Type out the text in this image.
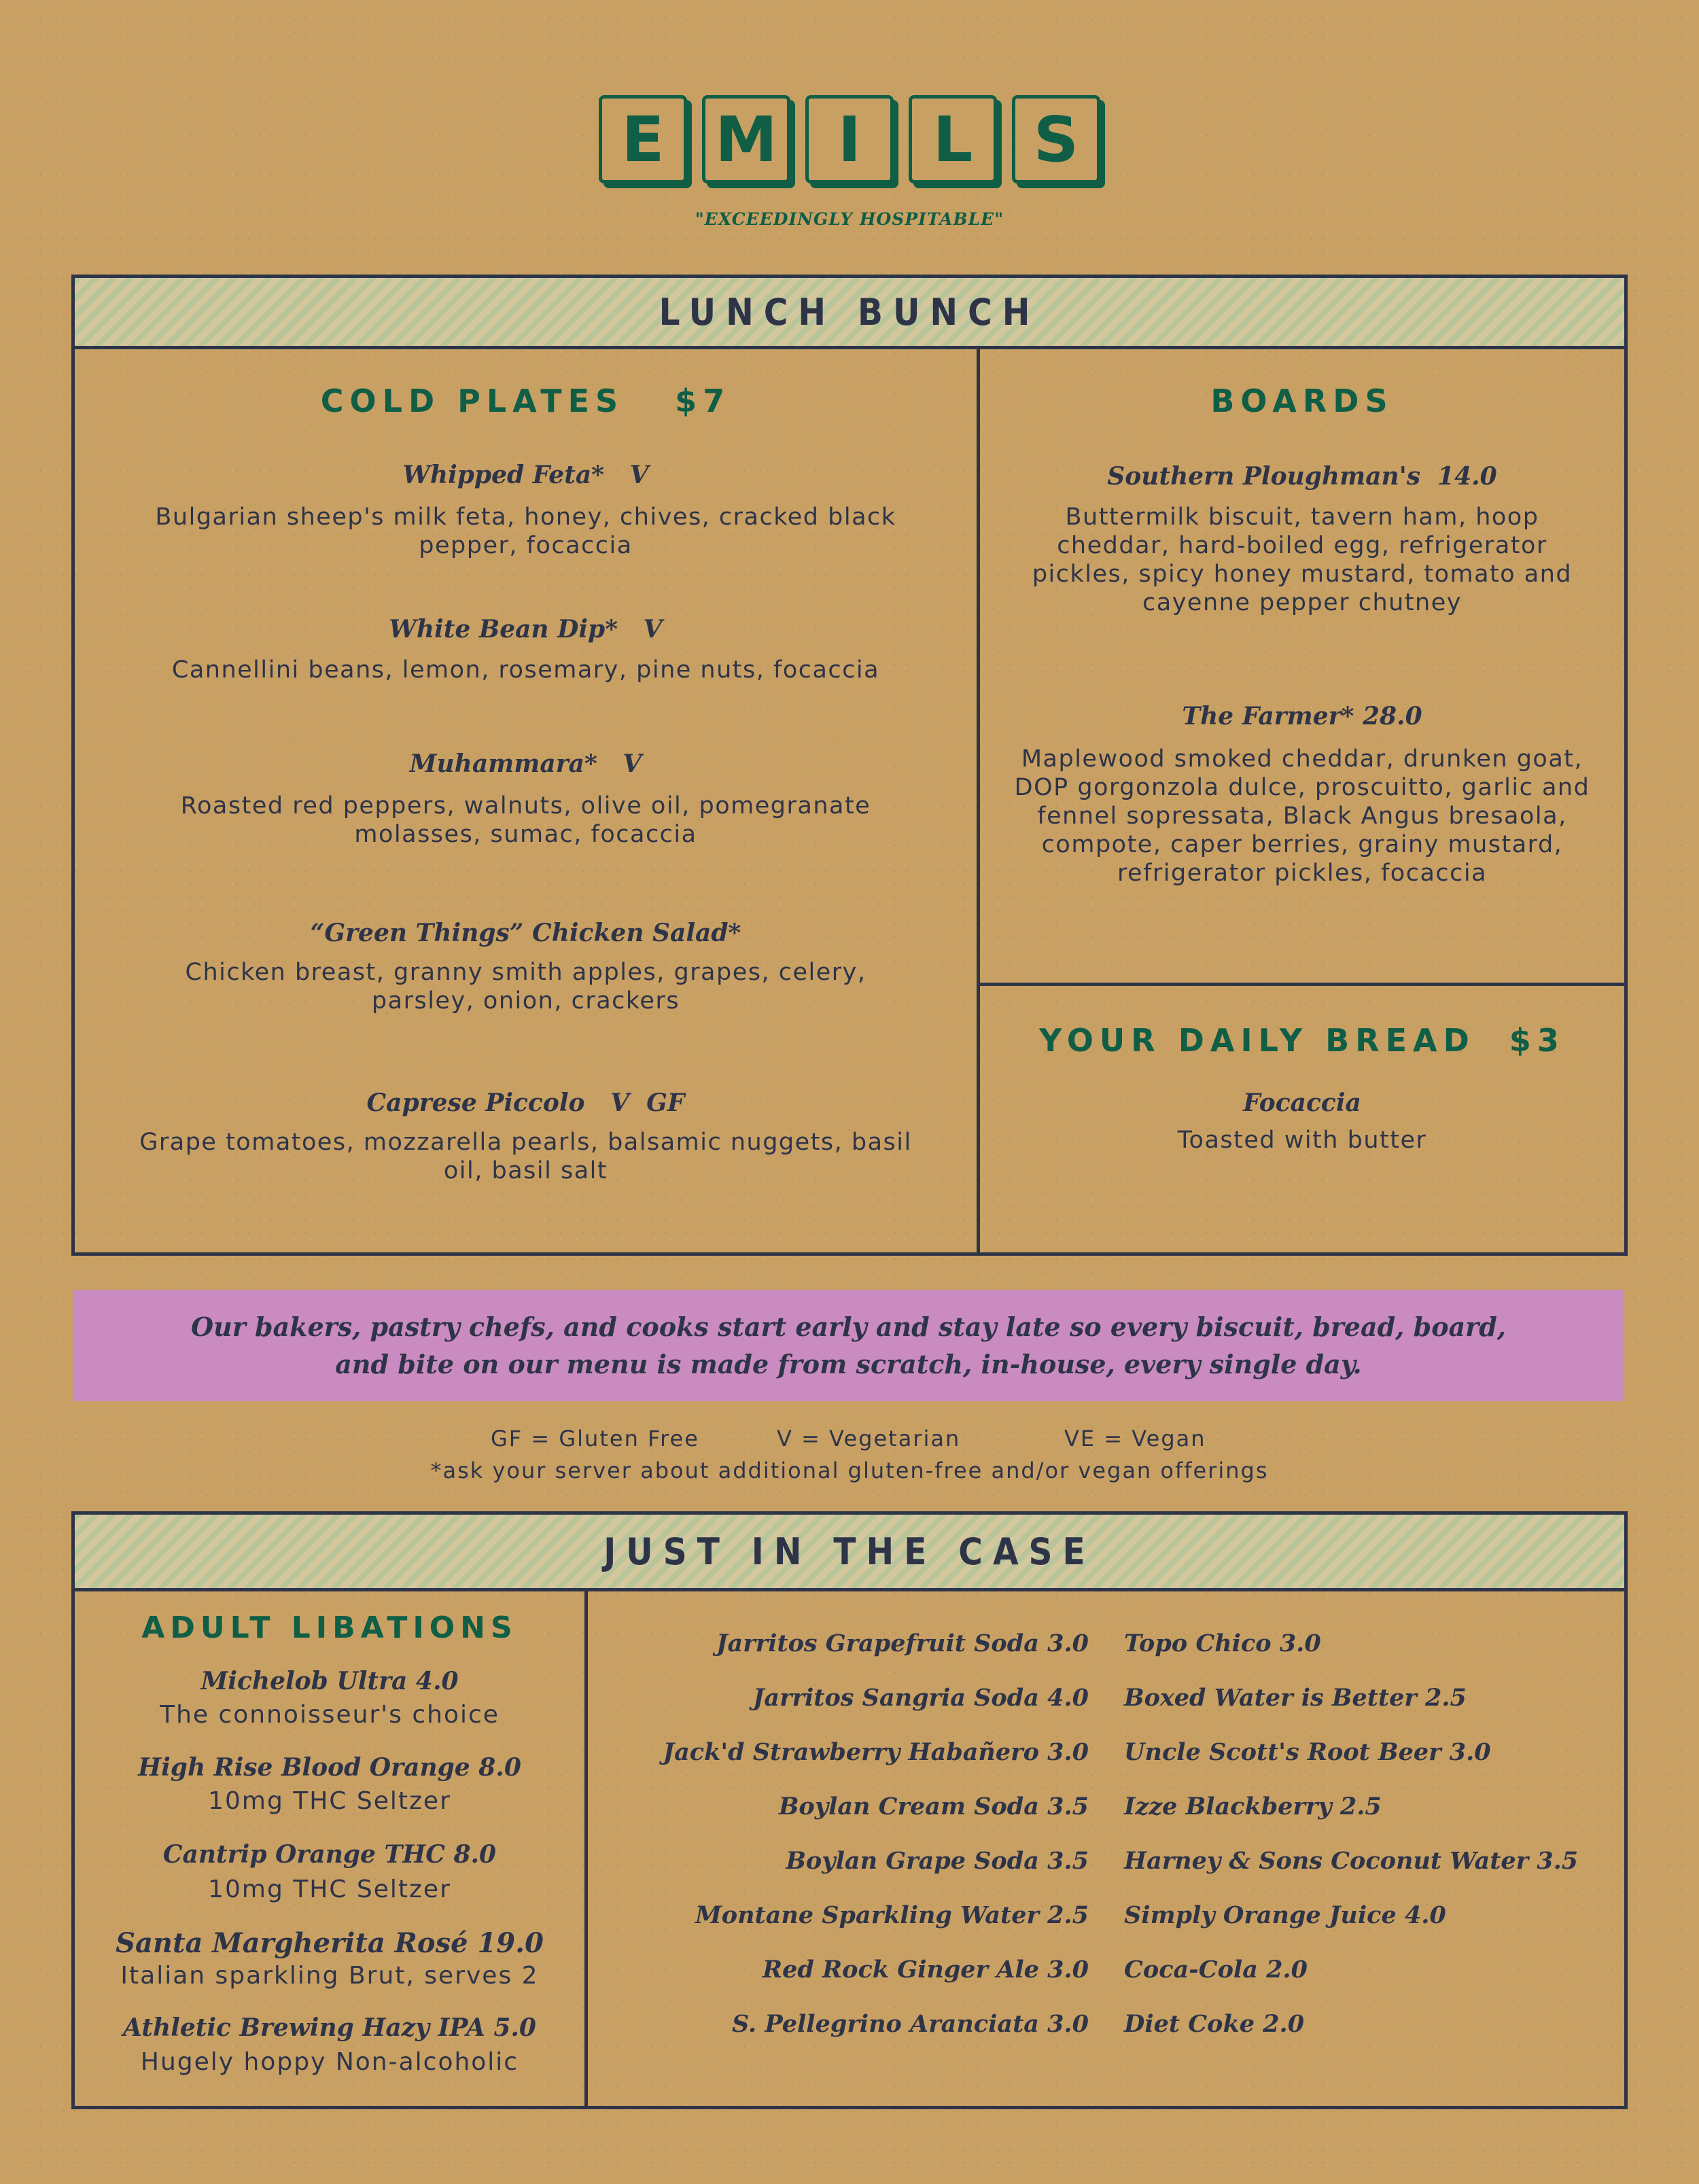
E M I	L S
"EXCEEDINGLY HOSPITABLE"
LUNCH BUNCH
COLD PLATES   $7
Whipped Feta*   V
Bulgarian sheep's milk feta, honey, chives, cracked black pepper, focaccia
White Bean Dip*   V
Cannellini beans, lemon, rosemary, pine nuts, focaccia
Muhammara*   V
Roasted red peppers, walnuts, olive oil, pomegranate molasses, sumac, focaccia
“Green Things” Chicken Salad*
Chicken breast, granny smith apples, grapes, celery, parsley, onion, crackers
Caprese Piccolo   V  GF
Grape tomatoes, mozzarella pearls, balsamic nuggets, basil oil, basil salt
BOARDS
Southern Ploughman's  14.0
Buttermilk biscuit, tavern ham, hoop cheddar, hard-boiled egg, refrigerator pickles, spicy honey mustard, tomato and cayenne pepper chutney
The Farmer* 28.0
Maplewood smoked cheddar, drunken goat, DOP gorgonzola dulce, proscuitto, garlic and fennel sopressata, Black Angus bresaola, compote, caper berries, grainy mustard, refrigerator pickles, focaccia
YOUR DAILY BREAD  $3
Focaccia
Toasted with butter
Our bakers, pastry chefs, and cooks start early and stay late so every biscuit, bread, board, and bite on our menu is made from scratch, in-house, every single day.
GF = Gluten Free	V = Vegetarian	VE = Vegan
*ask your server about additional gluten-free and/or vegan offerings
JUST IN THE CASE
ADULT LIBATIONS
Michelob Ultra 4.0
The connoisseur's choice
High Rise Blood Orange 8.0
10mg THC Seltzer
Cantrip Orange THC 8.0
10mg THC Seltzer
Santa Margherita Rosé 19.0
Italian sparkling Brut, serves 2
Athletic Brewing Hazy IPA 5.0
Hugely hoppy Non-alcoholic
Jarritos Grapefruit Soda 3.0
Jarritos Sangria Soda 4.0
Jack'd Strawberry Habañero 3.0
Boylan Cream Soda 3.5
Boylan Grape Soda 3.5
Montane Sparkling Water 2.5
Red Rock Ginger Ale 3.0
S. Pellegrino Aranciata 3.0
Topo Chico 3.0
Boxed Water is Better 2.5
Uncle Scott's Root Beer 3.0
Izze Blackberry 2.5
Harney & Sons Coconut Water 3.5
Simply Orange Juice 4.0
Coca-Cola 2.0
Diet Coke 2.0
